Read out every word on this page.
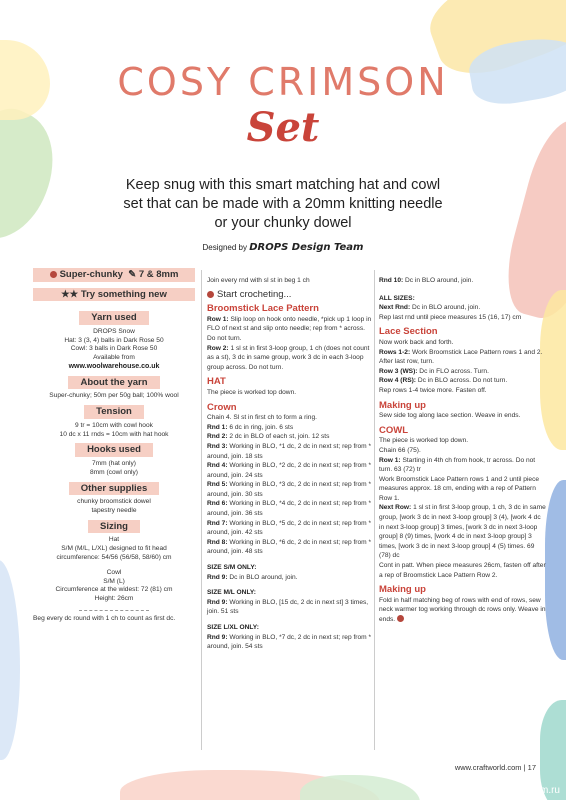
COSY CRIMSON
Set
Keep snug with this smart matching hat and cowl set that can be made with a 20mm knitting needle or your chunky dowel
Designed by DROPS Design Team
Super-chunky ✎ 7 & 8mm
★★ Try something new
Yarn used

DROPS Snow

Hat: 3 (3, 4) balls in Dark Rose 50

Cowl: 3 balls in Dark Rose 50

Available from

www.woolwarehouse.co.uk

About the yarn

Super-chunky; 50m per 50g ball; 100% wool

Tension

9 tr = 10cm with cowl hook

10 dc x 11 rnds = 10cm with hat hook

Hooks used

7mm (hat only)

8mm (cowl only)

Other supplies

chunky broomstick dowel

tapestry needle

Sizing

Hat

S/M (M/L, L/XL) designed to fit head

circumference: 54/56 (56/58, 58/60) cm

Cowl

S/M (L)

Circumference at the widest: 72 (81) cm

Height: 26cm

Beg every dc round with 1 ch to count as first dc.

Join every rnd with sl st in beg 1 ch

Start crocheting...
Broomstick Lace Pattern

Row 1: Slip loop on hook onto needle, *pick up 1 loop in FLO of next st and slip onto needle; rep from * across. Do not turn.

Row 2: 1 sl st in first 3-loop group, 1 ch (does not count as a st), 3 dc in same group, work 3 dc in each 3-loop group across. Do not turn.

HAT

The piece is worked top down.

Crown

Chain 4. Sl st in first ch to form a ring.

Rnd 1: 6 dc in ring, join. 6 sts

Rnd 2: 2 dc in BLO of each st, join. 12 sts

Rnd 3: Working in BLO, *1 dc, 2 dc in next st; rep from * around, join. 18 sts

Rnd 4: Working in BLO, *2 dc, 2 dc in next st; rep from * around, join. 24 sts

Rnd 5: Working in BLO, *3 dc, 2 dc in next st; rep from * around, join. 30 sts

Rnd 6: Working in BLO, *4 dc, 2 dc in next st; rep from * around, join. 36 sts

Rnd 7: Working in BLO, *5 dc, 2 dc in next st; rep from * around, join. 42 sts

Rnd 8: Working in BLO, *6 dc, 2 dc in next st; rep from * around, join. 48 sts

SIZE S/M ONLY:

Rnd 9: Dc in BLO around, join.

SIZE M/L ONLY:

Rnd 9: Working in BLO, [15 dc, 2 dc in next st] 3 times, join. 51 sts

SIZE L/XL ONLY:

Rnd 9: Working in BLO, *7 dc, 2 dc in next st; rep from * around, join. 54 sts

Rnd 10: Dc in BLO around, join.

ALL SIZES:

Next Rnd: Dc in BLO around, join.

Rep last rnd until piece measures 15 (16, 17) cm

Lace Section

Now work back and forth.

Rows 1-2: Work Broomstick Lace Pattern rows 1 and 2. After last row, turn.

Row 3 (WS): Dc in FLO across. Turn.

Row 4 (RS): Dc in BLO across. Do not turn.

Rep rows 1-4 twice more. Fasten off.

Making up

Sew side tog along lace section. Weave in ends.

COWL

The piece is worked top down.

Chain 66 (75).

Row 1: Starting in 4th ch from hook, tr across. Do not turn. 63 (72) tr

Work Broomstick Lace Pattern rows 1 and 2 until piece measures approx. 18 cm, ending with a rep of Pattern Row 1.

Next Row: 1 sl st in first 3-loop group, 1 ch, 3 dc in same group, [work 3 dc in next 3-loop group] 3 (4), [work 4 dc in next 3-loop group] 3 times, [work 3 dc in next 3-loop group] 8 (9) times, [work 4 dc in next 3-loop group] 3 times, [work 3 dc in next 3-loop group] 4 (5) times. 69 (78) dc

Cont in patt. When piece measures 26cm, fasten off after a rep of Broomstick Lace Pattern Row 2.

Making up

Fold in half matching beg of rows with end of rows, sew neck warmer tog working through dc rows only. Weave in ends.

www.craftworld.com | 17
PassionForum.ru
